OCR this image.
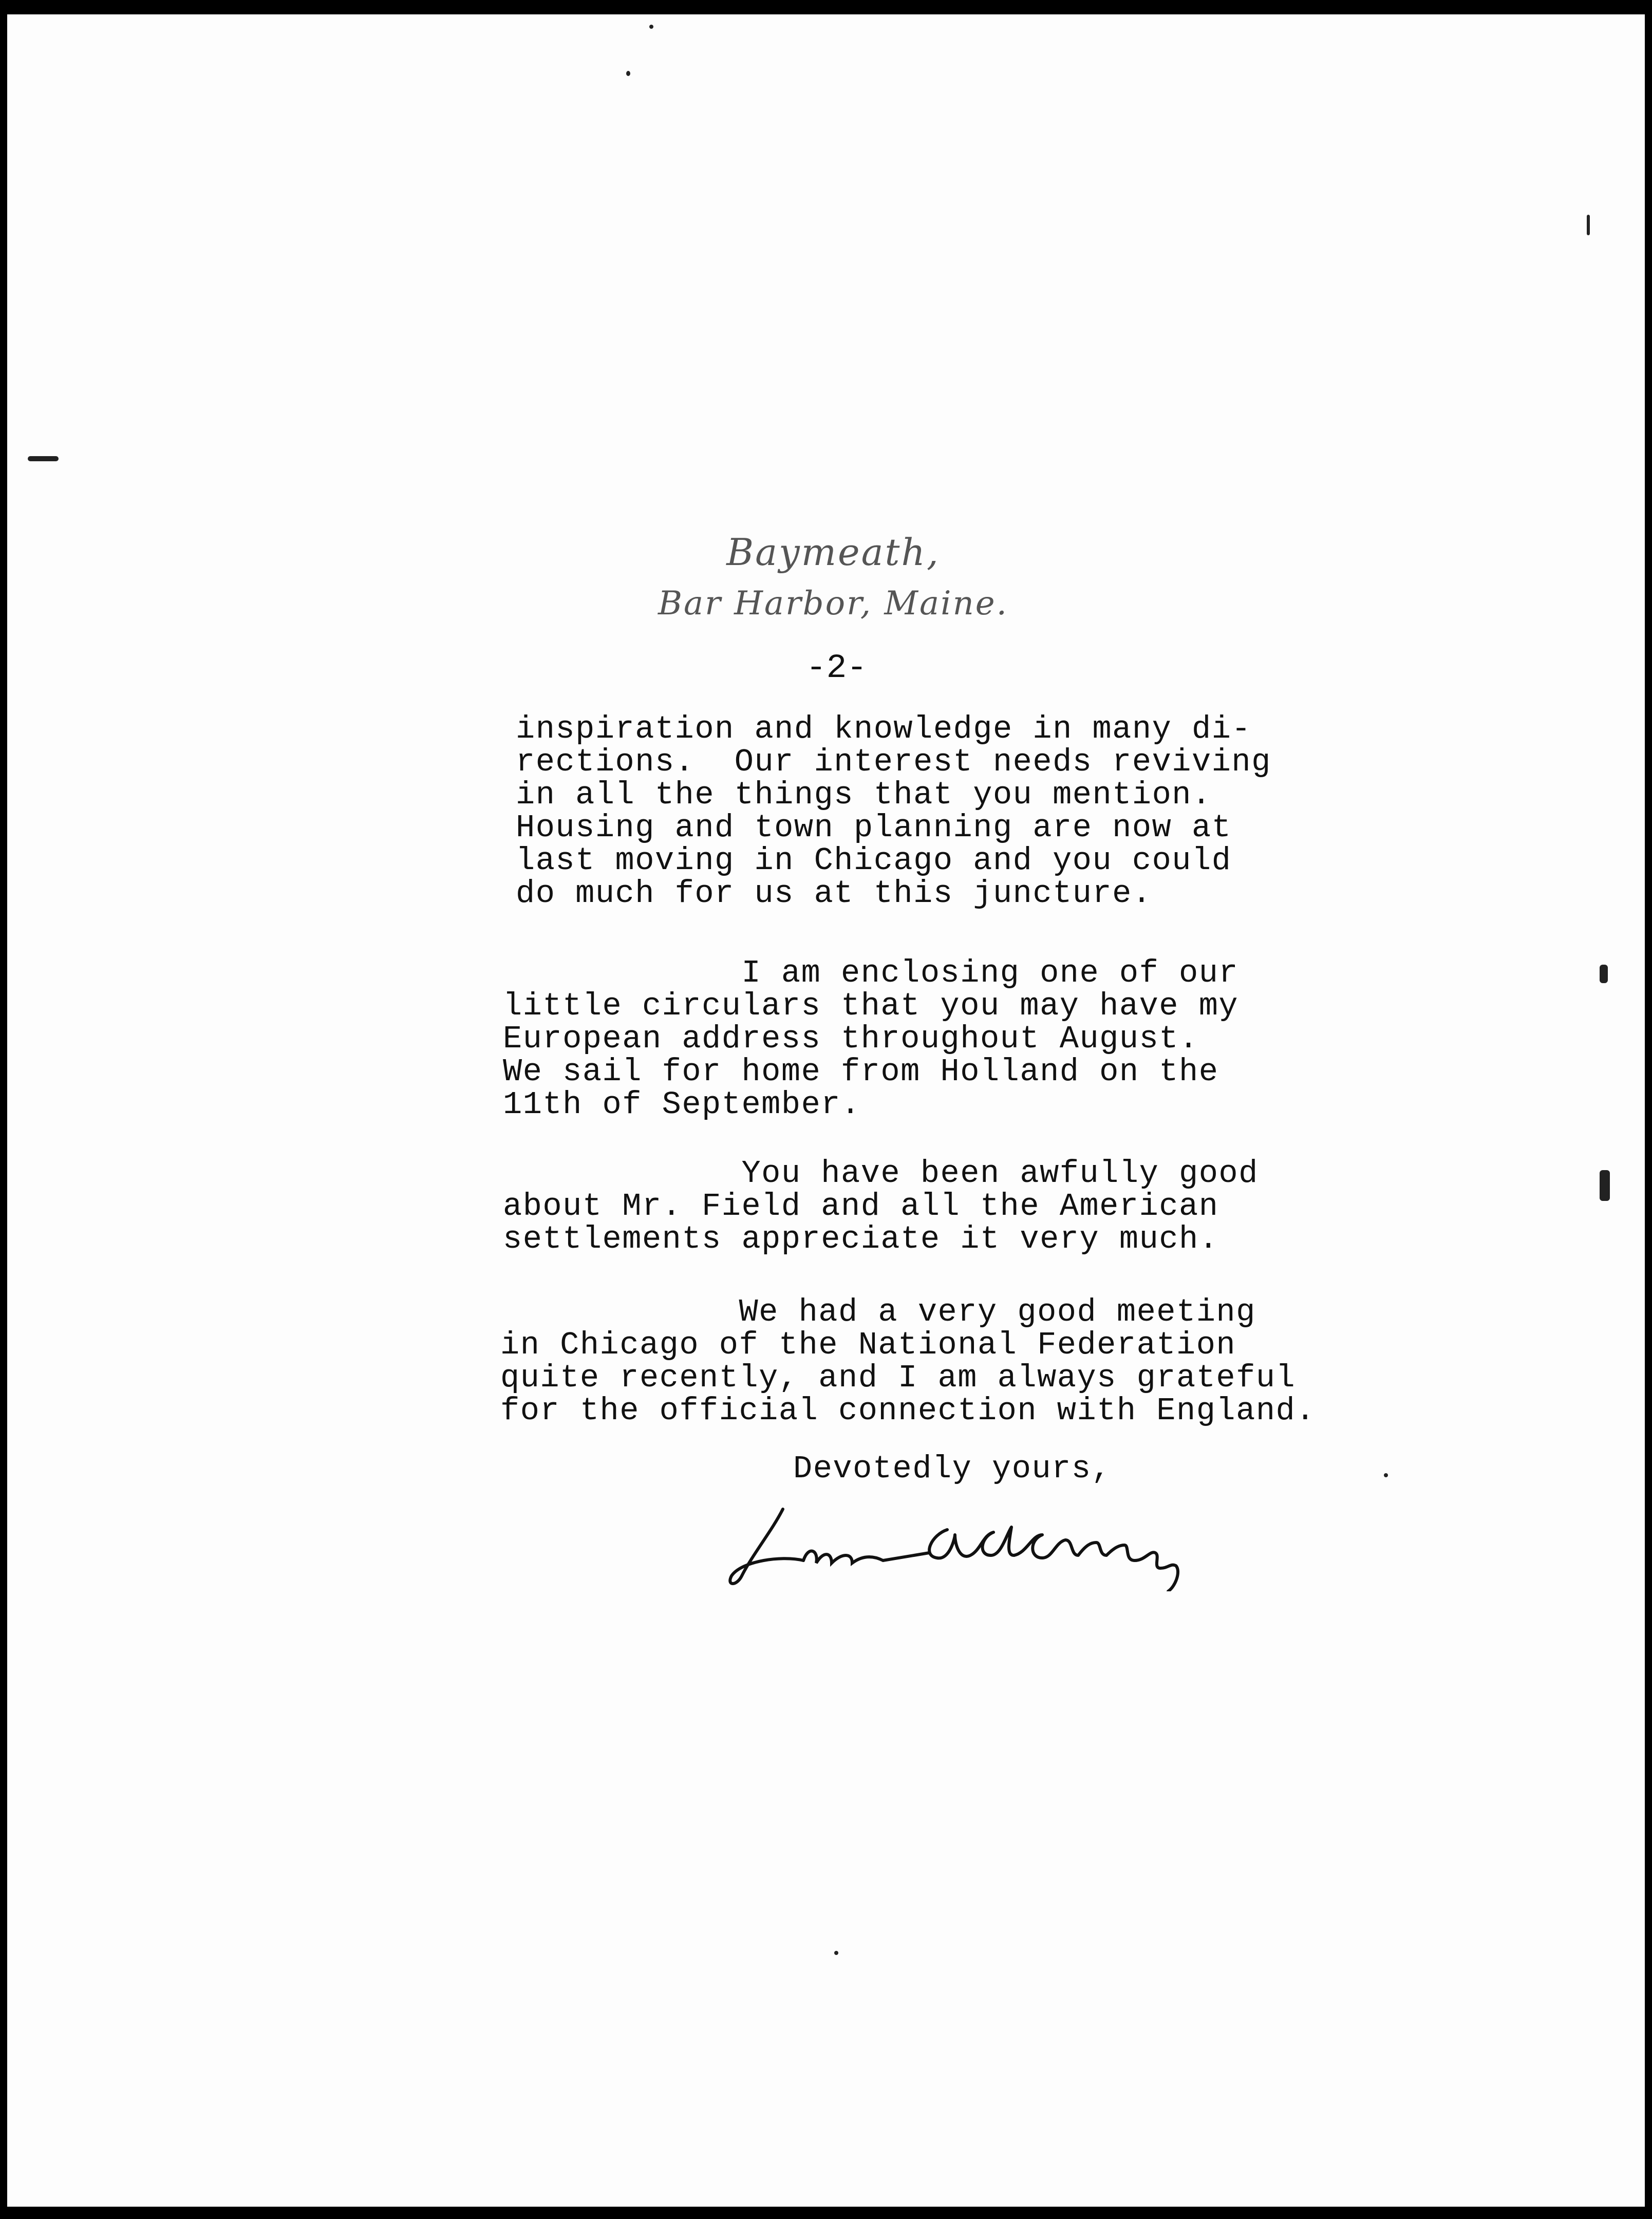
Baymeath,
Bar Harbor, Maine.
-2-
inspiration and knowledge in many di-
rections.  Our interest needs reviving
in all the things that you mention.
Housing and town planning are now at
last moving in Chicago and you could
do much for us at this juncture.
I am enclosing one of our
little circulars that you may have my
European address throughout August.
We sail for home from Holland on the
11th of September.
You have been awfully good
about Mr. Field and all the American
settlements appreciate it very much.
We had a very good meeting
in Chicago of the National Federation
quite recently, and I am always grateful
for the official connection with England.
Devotedly yours,
